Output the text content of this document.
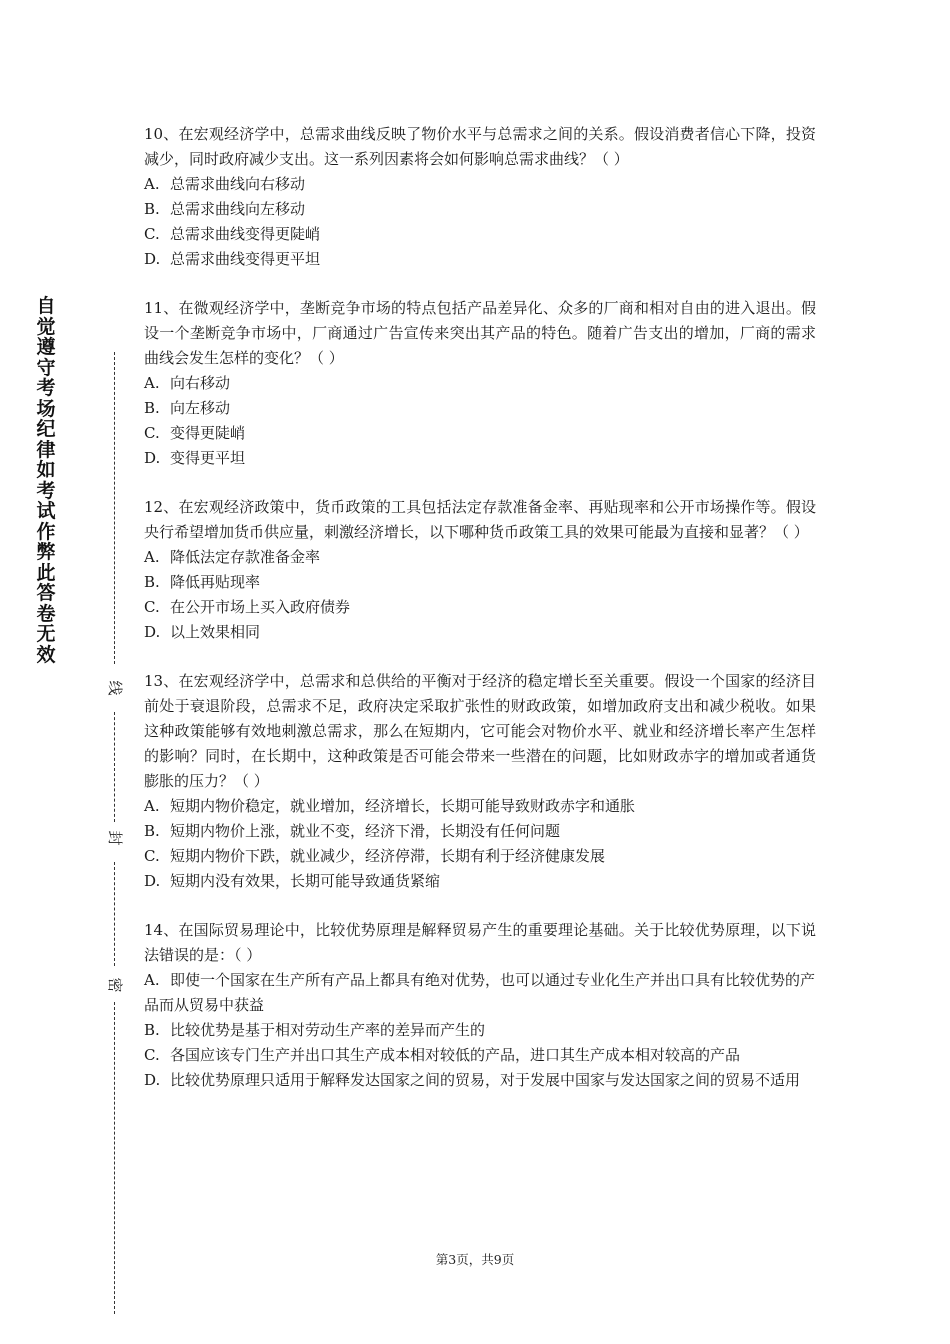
自觉遵守考场纪律如考试作弊此答卷无效
线
封
密

10、在宏观经济学中，总需求曲线反映了物价水平与总需求之间的关系。假设消费者信心下降，投资减少，同时政府减少支出。这一系列因素将会如何影响总需求曲线？（ ）

A. 总需求曲线向右移动

B. 总需求曲线向左移动

C. 总需求曲线变得更陡峭

D. 总需求曲线变得更平坦

11、在微观经济学中，垄断竞争市场的特点包括产品差异化、众多的厂商和相对自由的进入退出。假设一个垄断竞争市场中，厂商通过广告宣传来突出其产品的特色。随着广告支出的增加，厂商的需求曲线会发生怎样的变化？（ ）

A. 向右移动

B. 向左移动

C. 变得更陡峭

D. 变得更平坦

12、在宏观经济政策中，货币政策的工具包括法定存款准备金率、再贴现率和公开市场操作等。假设央行希望增加货币供应量，刺激经济增长，以下哪种货币政策工具的效果可能最为直接和显著？（ ）

A. 降低法定存款准备金率

B. 降低再贴现率

C. 在公开市场上买入政府债券

D. 以上效果相同

13、在宏观经济学中，总需求和总供给的平衡对于经济的稳定增长至关重要。假设一个国家的经济目前处于衰退阶段，总需求不足，政府决定采取扩张性的财政政策，如增加政府支出和减少税收。如果这种政策能够有效地刺激总需求，那么在短期内，它可能会对物价水平、就业和经济增长率产生怎样的影响？同时，在长期中，这种政策是否可能会带来一些潜在的问题，比如财政赤字的增加或者通货膨胀的压力？（ ）

A. 短期内物价稳定，就业增加，经济增长，长期可能导致财政赤字和通胀

B. 短期内物价上涨，就业不变，经济下滑，长期没有任何问题

C. 短期内物价下跌，就业减少，经济停滞，长期有利于经济健康发展

D. 短期内没有效果，长期可能导致通货紧缩

14、在国际贸易理论中，比较优势原理是解释贸易产生的重要理论基础。关于比较优势原理，以下说法错误的是：（ ）

A. 即使一个国家在生产所有产品上都具有绝对优势，也可以通过专业化生产并出口具有比较优势的产品而从贸易中获益

B. 比较优势是基于相对劳动生产率的差异而产生的

C. 各国应该专门生产并出口其生产成本相对较低的产品，进口其生产成本相对较高的产品

D. 比较优势原理只适用于解释发达国家之间的贸易，对于发展中国家与发达国家之间的贸易不适用

第3页，共9页
